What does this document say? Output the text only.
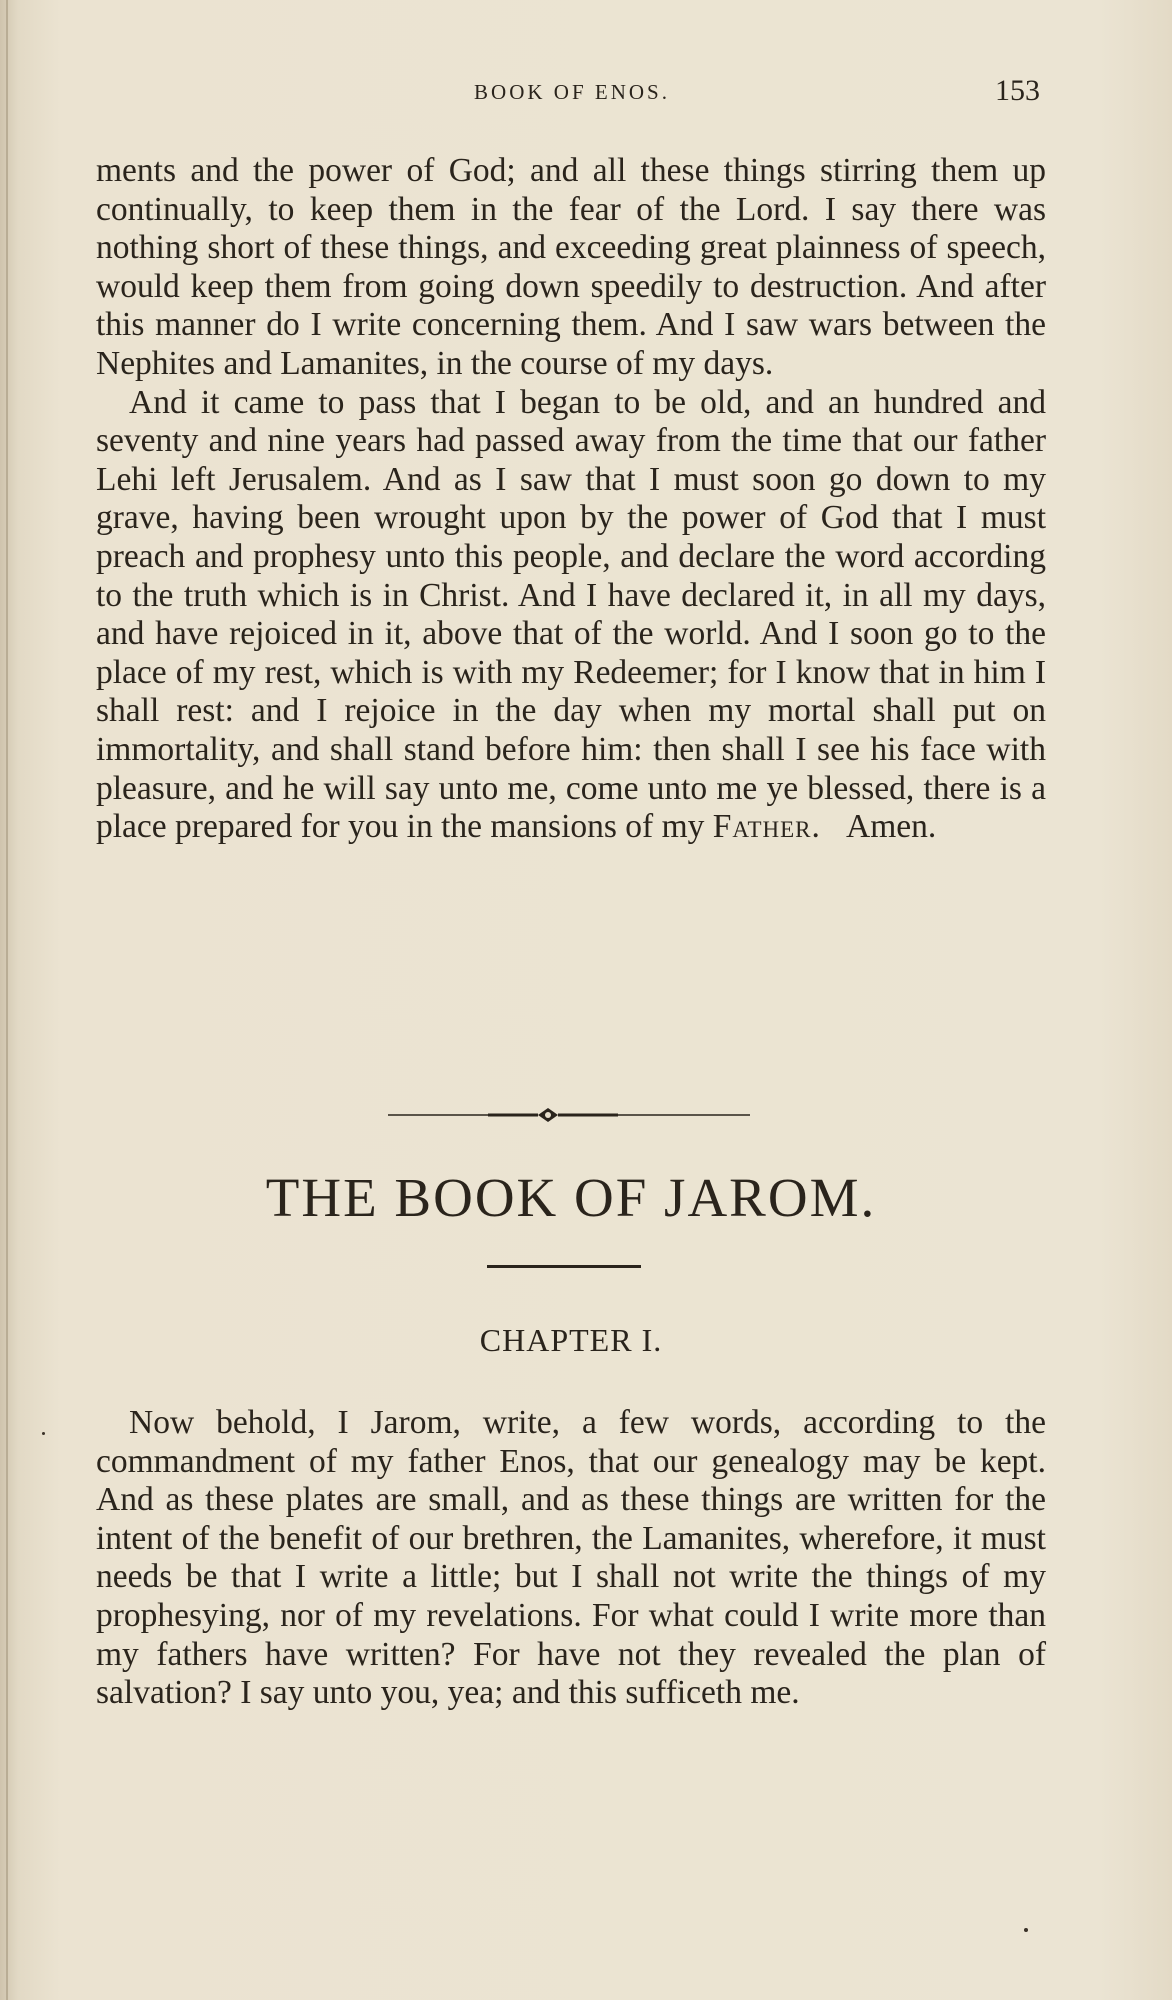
BOOK OF ENOS.	153

ments and the power of God; and all these things stirring them up continually, to keep them in the fear of the Lord. I say there was nothing short of these things, and exceeding great plainness of speech, would keep them from going down speedily to destruction. And after this manner do I write concerning them. And I saw wars between the Nephites and Lamanites, in the course of my days.

And it came to pass that I began to be old, and an hundred and seventy and nine years had passed away from the time that our father Lehi left Jerusalem. And as I saw that I must soon go down to my grave, having been wrought upon by the power of God that I must preach and prophesy unto this people, and declare the word according to the truth which is in Christ. And I have declared it, in all my days, and have rejoiced in it, above that of the world. And I soon go to the place of my rest, which is with my Redeemer; for I know that in him I shall rest: and I rejoice in the day when my mortal shall put on immortality, and shall stand before him: then shall I see his face with pleasure, and he will say unto me, come unto me ye blessed, there is a place prepared for you in the mansions of my Father. Amen.

THE BOOK OF JAROM.
CHAPTER I.

Now behold, I Jarom, write, a few words, according to the commandment of my father Enos, that our genealogy may be kept. And as these plates are small, and as these things are written for the intent of the benefit of our brethren, the Lamanites, wherefore, it must needs be that I write a little; but I shall not write the things of my prophesying, nor of my revelations. For what could I write more than my fathers have written? For have not they revealed the plan of salvation? I say unto you, yea; and this sufficeth me.
